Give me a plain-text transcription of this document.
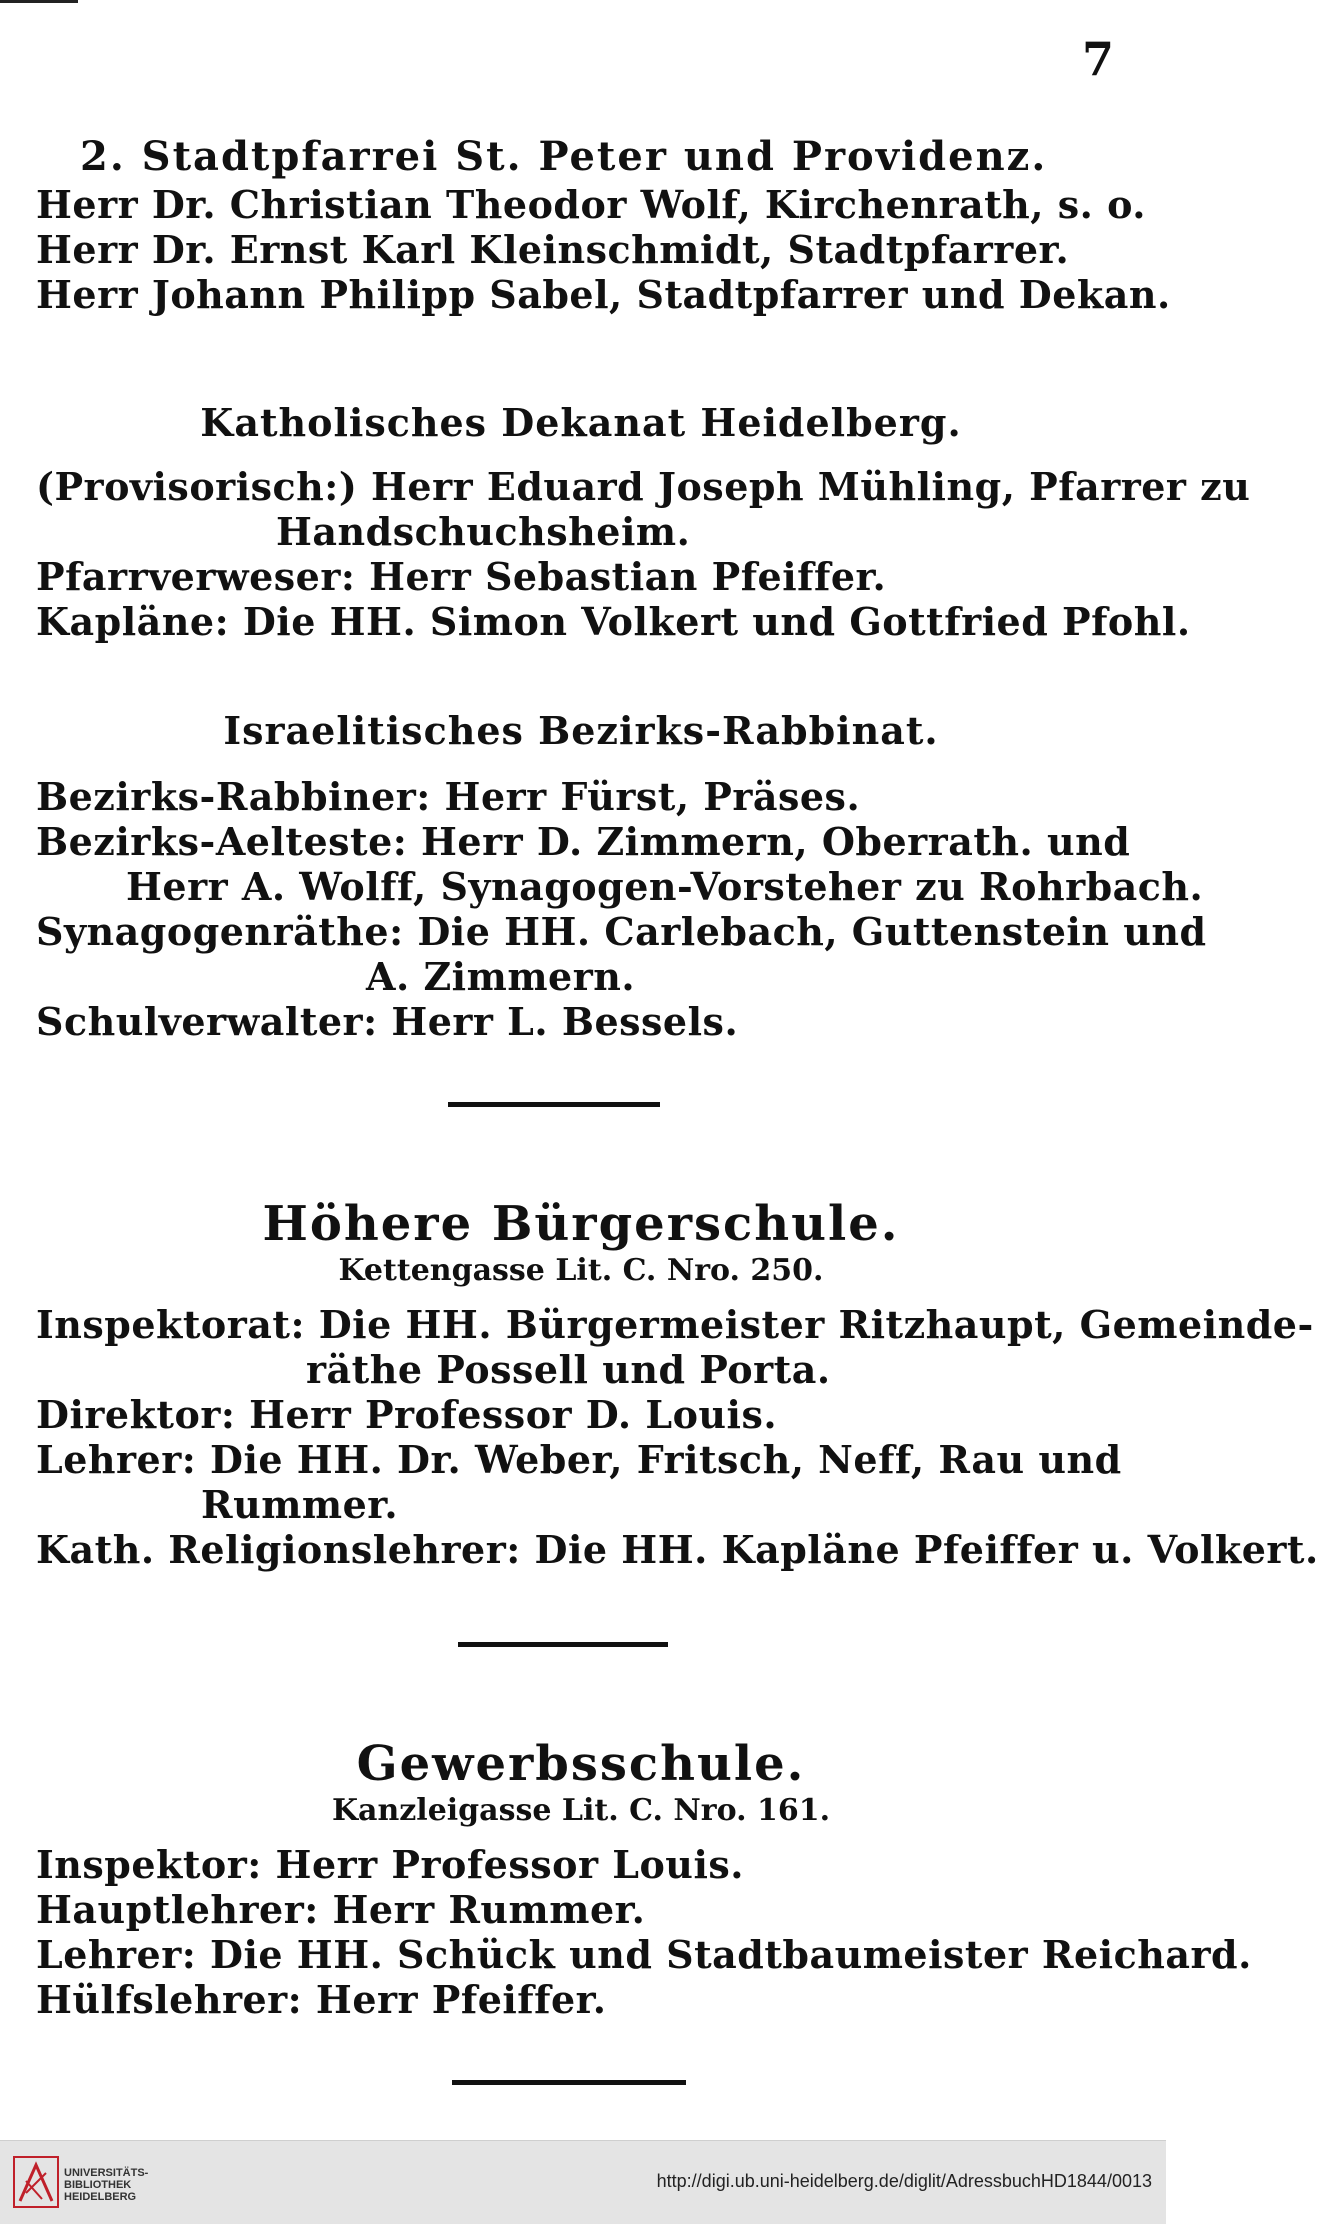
7
2. Stadtpfarrei St. Peter und Providenz.
Herr Dr. Christian Theodor Wolf, Kirchenrath, s. o.
Herr Dr. Ernst Karl Kleinschmidt, Stadtpfarrer.
Herr Johann Philipp Sabel, Stadtpfarrer und Dekan.
Katholisches Dekanat Heidelberg.
(Provisorisch:) Herr Eduard Joseph Mühling, Pfarrer zu
Handschuchsheim.
Pfarrverweser: Herr Sebastian Pfeiffer.
Kapläne: Die HH. Simon Volkert und Gottfried Pfohl.
Israelitisches Bezirks-Rabbinat.
Bezirks-Rabbiner: Herr Fürst, Präses.
Bezirks-Aelteste: Herr D. Zimmern, Oberrath. und
Herr A. Wolff, Synagogen-Vorsteher zu Rohrbach.
Synagogenräthe: Die HH. Carlebach, Guttenstein und
A. Zimmern.
Schulverwalter: Herr L. Bessels.
Höhere Bürgerschule.
Kettengasse Lit. C. Nro. 250.
Inspektorat: Die HH. Bürgermeister Ritzhaupt, Gemeinde-
räthe Possell und Porta.
Direktor: Herr Professor D. Louis.
Lehrer: Die HH. Dr. Weber, Fritsch, Neff, Rau und
Rummer.
Kath. Religionslehrer: Die HH. Kapläne Pfeiffer u. Volkert.
Gewerbsschule.
Kanzleigasse Lit. C. Nro. 161.
Inspektor: Herr Professor Louis.
Hauptlehrer: Herr Rummer.
Lehrer: Die HH. Schück und Stadtbaumeister Reichard.
Hülfslehrer: Herr Pfeiffer.
UNIVERSITÄTS-
BIBLIOTHEK
HEIDELBERG
http://digi.ub.uni-heidelberg.de/diglit/AdressbuchHD1844/0013
